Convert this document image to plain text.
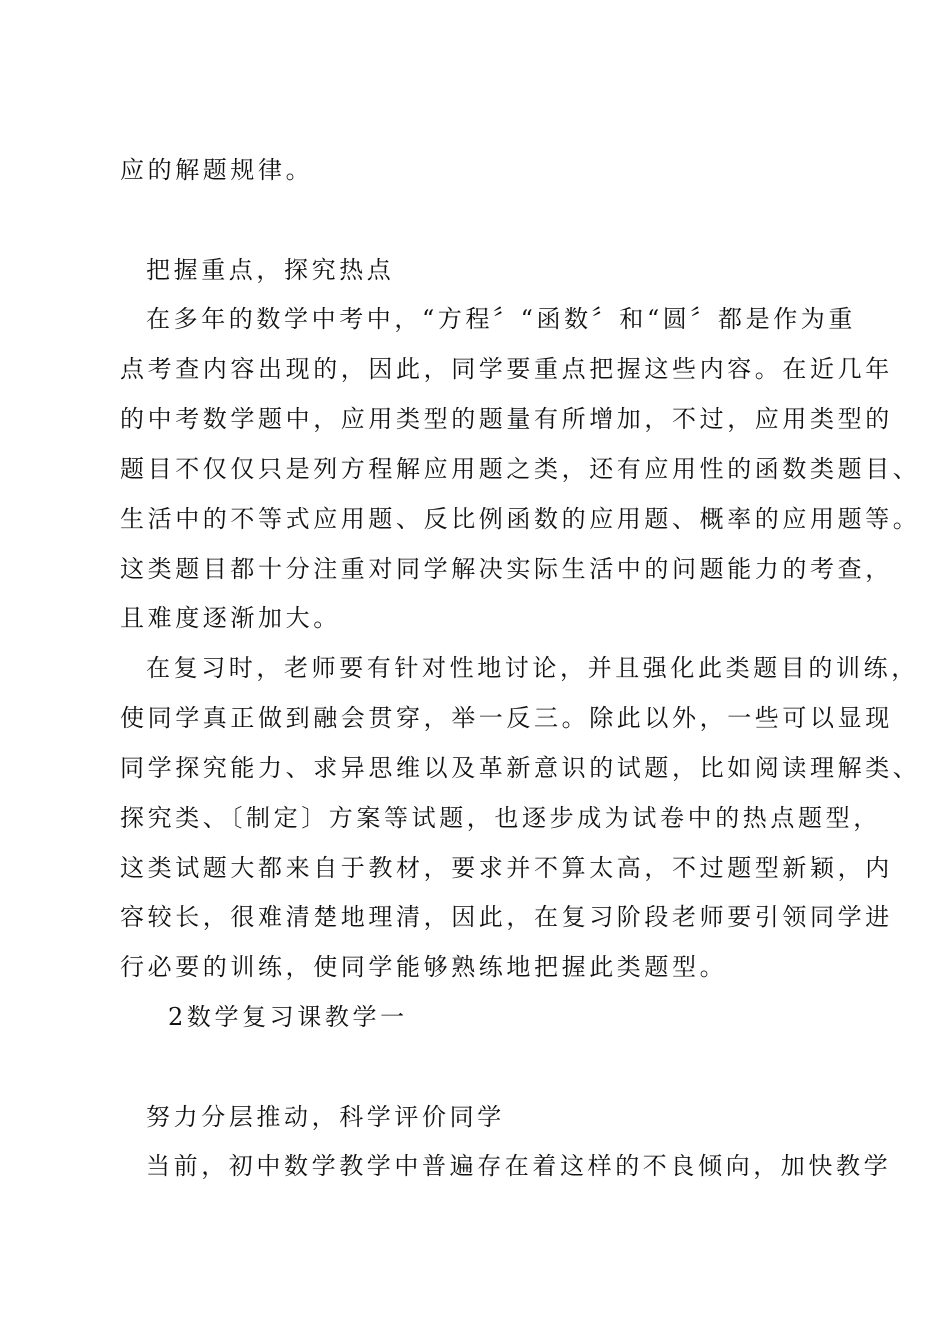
应的解题规律。
把握重点，探究热点
在多年的数学中考中，“方程〞“函数〞和“圆〞都是作为重
点考查内容出现的，因此，同学要重点把握这些内容。在近几年
的中考数学题中，应用类型的题量有所增加，不过，应用类型的
题目不仅仅只是列方程解应用题之类，还有应用性的函数类题目、
生活中的不等式应用题、反比例函数的应用题、概率的应用题等。
这类题目都十分注重对同学解决实际生活中的问题能力的考查，
且难度逐渐加大。
在复习时，老师要有针对性地讨论，并且强化此类题目的训练，
使同学真正做到融会贯穿，举一反三。除此以外，一些可以显现
同学探究能力、求异思维以及革新意识的试题，比如阅读理解类、
探究类、〔制定〕方案等试题，也逐步成为试卷中的热点题型，
这类试题大都来自于教材，要求并不算太高，不过题型新颖，内
容较长，很难清楚地理清，因此，在复习阶段老师要引领同学进
行必要的训练，使同学能够熟练地把握此类题型。
2数学复习课教学一
努力分层推动，科学评价同学
当前，初中数学教学中普遍存在着这样的不良倾向，加快教学
